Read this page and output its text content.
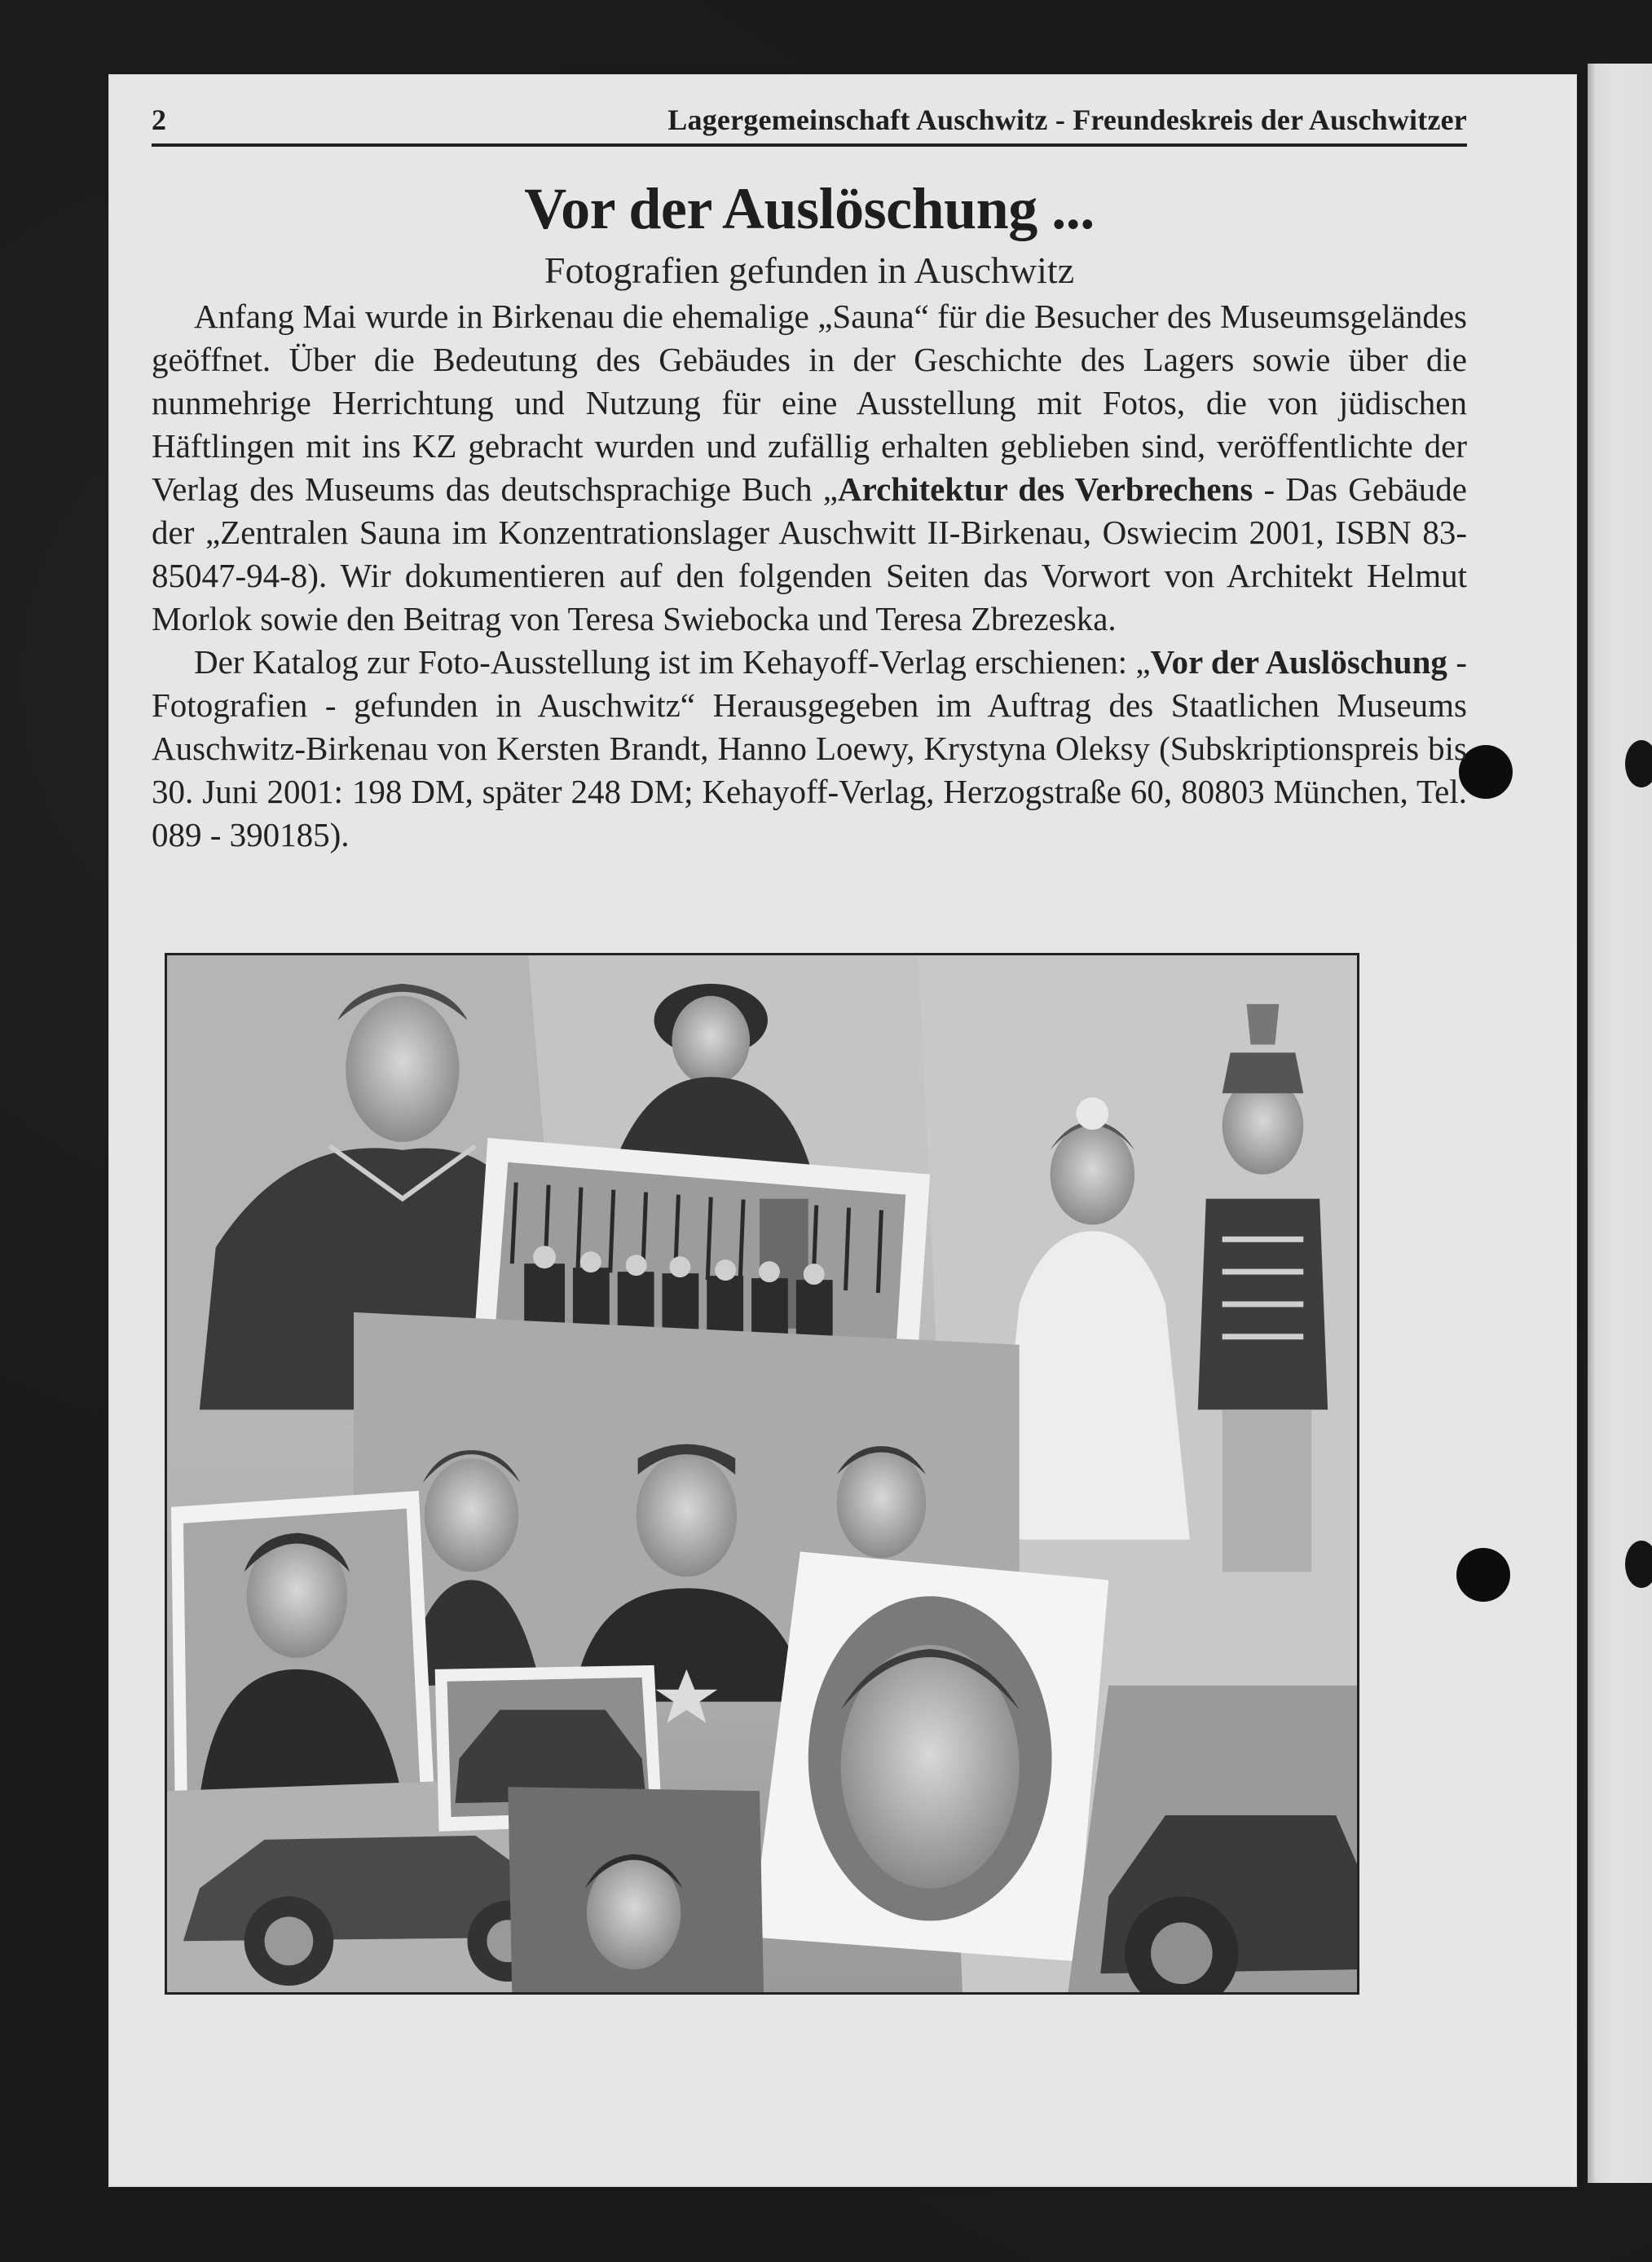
2	Lagergemeinschaft Auschwitz - Freundeskreis der Auschwitzer
Vor der Auslöschung ...
Fotografien gefunden in Auschwitz

Anfang Mai wurde in Birkenau die ehemalige „Sauna“ für die Besucher des Museumsgeländes geöffnet. Über die Bedeutung des Gebäudes in der Geschichte des Lagers sowie über die nunmehrige Herrichtung und Nutzung für eine Ausstellung mit Fotos, die von jüdischen Häftlingen mit ins KZ gebracht wurden und zufällig erhalten geblieben sind, veröffentlichte der Verlag des Museums das deutschsprachige Buch „Architektur des Verbrechens - Das Gebäude der „Zentralen Sauna im Konzentrationslager Auschwitt II-Birkenau, Oswiecim 2001, ISBN 83-85047-94-8). Wir dokumentieren auf den folgenden Seiten das Vorwort von Architekt Helmut Morlok sowie den Beitrag von Teresa Swiebocka und Teresa Zbrezeska.

Der Katalog zur Foto-Ausstellung ist im Kehayoff-Verlag erschienen: „Vor der Auslöschung - Fotografien - gefunden in Auschwitz“ Herausgegeben im Auftrag des Staatlichen Museums Auschwitz-Birkenau von Kersten Brandt, Hanno Loewy, Krystyna Oleksy (Subskriptionspreis bis 30. Juni 2001: 198 DM, später 248 DM; Kehayoff-Verlag, Herzogstraße 60, 80803 München, Tel. 089 - 390185).
